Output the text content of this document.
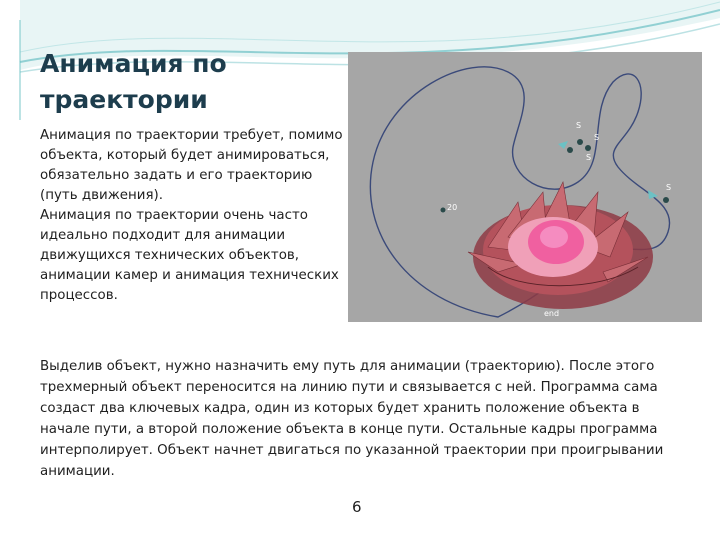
Анимация по траектории

Анимация по траектории требует, помимо объекта, который будет анимироваться, обязательно задать и его траекторию (путь движения).

Анимация по траектории очень часто идеально подходит для анимации движущихся технических объектов, анимации камер и анимация технических процессов.

S
S
S
S
20
end

Выделив объект, нужно назначить ему путь для анимации (траекторию). После этого трехмерный объект переносится на линию пути и связывается с ней. Программа сама создаст два ключевых кадра, один из которых будет хранить положение объекта в начале пути, а второй положение объекта в конце пути. Остальные кадры программа интерполирует. Объект начнет двигаться по указанной траектории при проигрывании анимации.

6
